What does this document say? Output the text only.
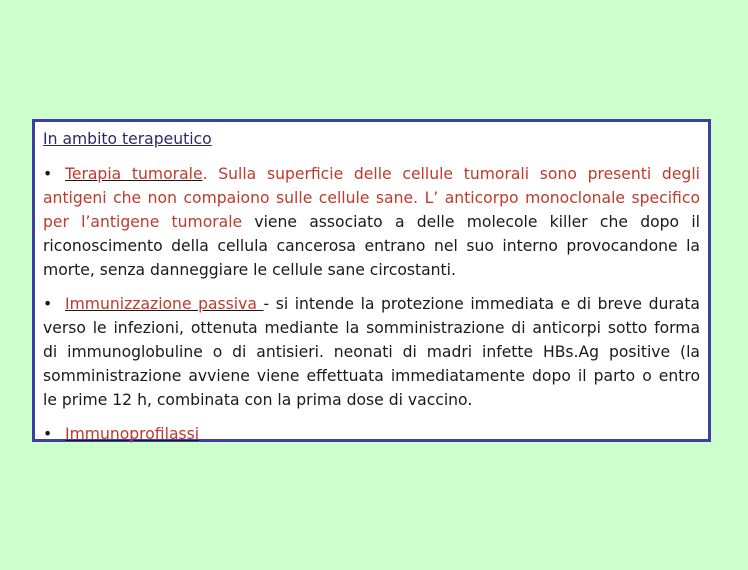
In ambito terapeutico

• Terapia tumorale. Sulla superficie delle cellule tumorali sono presenti degli antigeni che non compaiono sulle cellule sane. L’ anticorpo monoclonale specifico per l’antigene tumorale viene associato a delle molecole killer che dopo il riconoscimento della cellula cancerosa entrano nel suo interno provocandone la morte, senza danneggiare le cellule sane circostanti.

• Immunizzazione passiva - si intende la protezione immediata e di breve durata verso le infezioni, ottenuta mediante la somministrazione di anticorpi sotto forma di immunoglobuline o di antisieri. neonati di madri infette HBs.Ag positive (la somministrazione avviene viene effettuata immediatamente dopo il parto o entro le prime 12 h, combinata con la prima dose di vaccino.

• Immunoprofilassi
